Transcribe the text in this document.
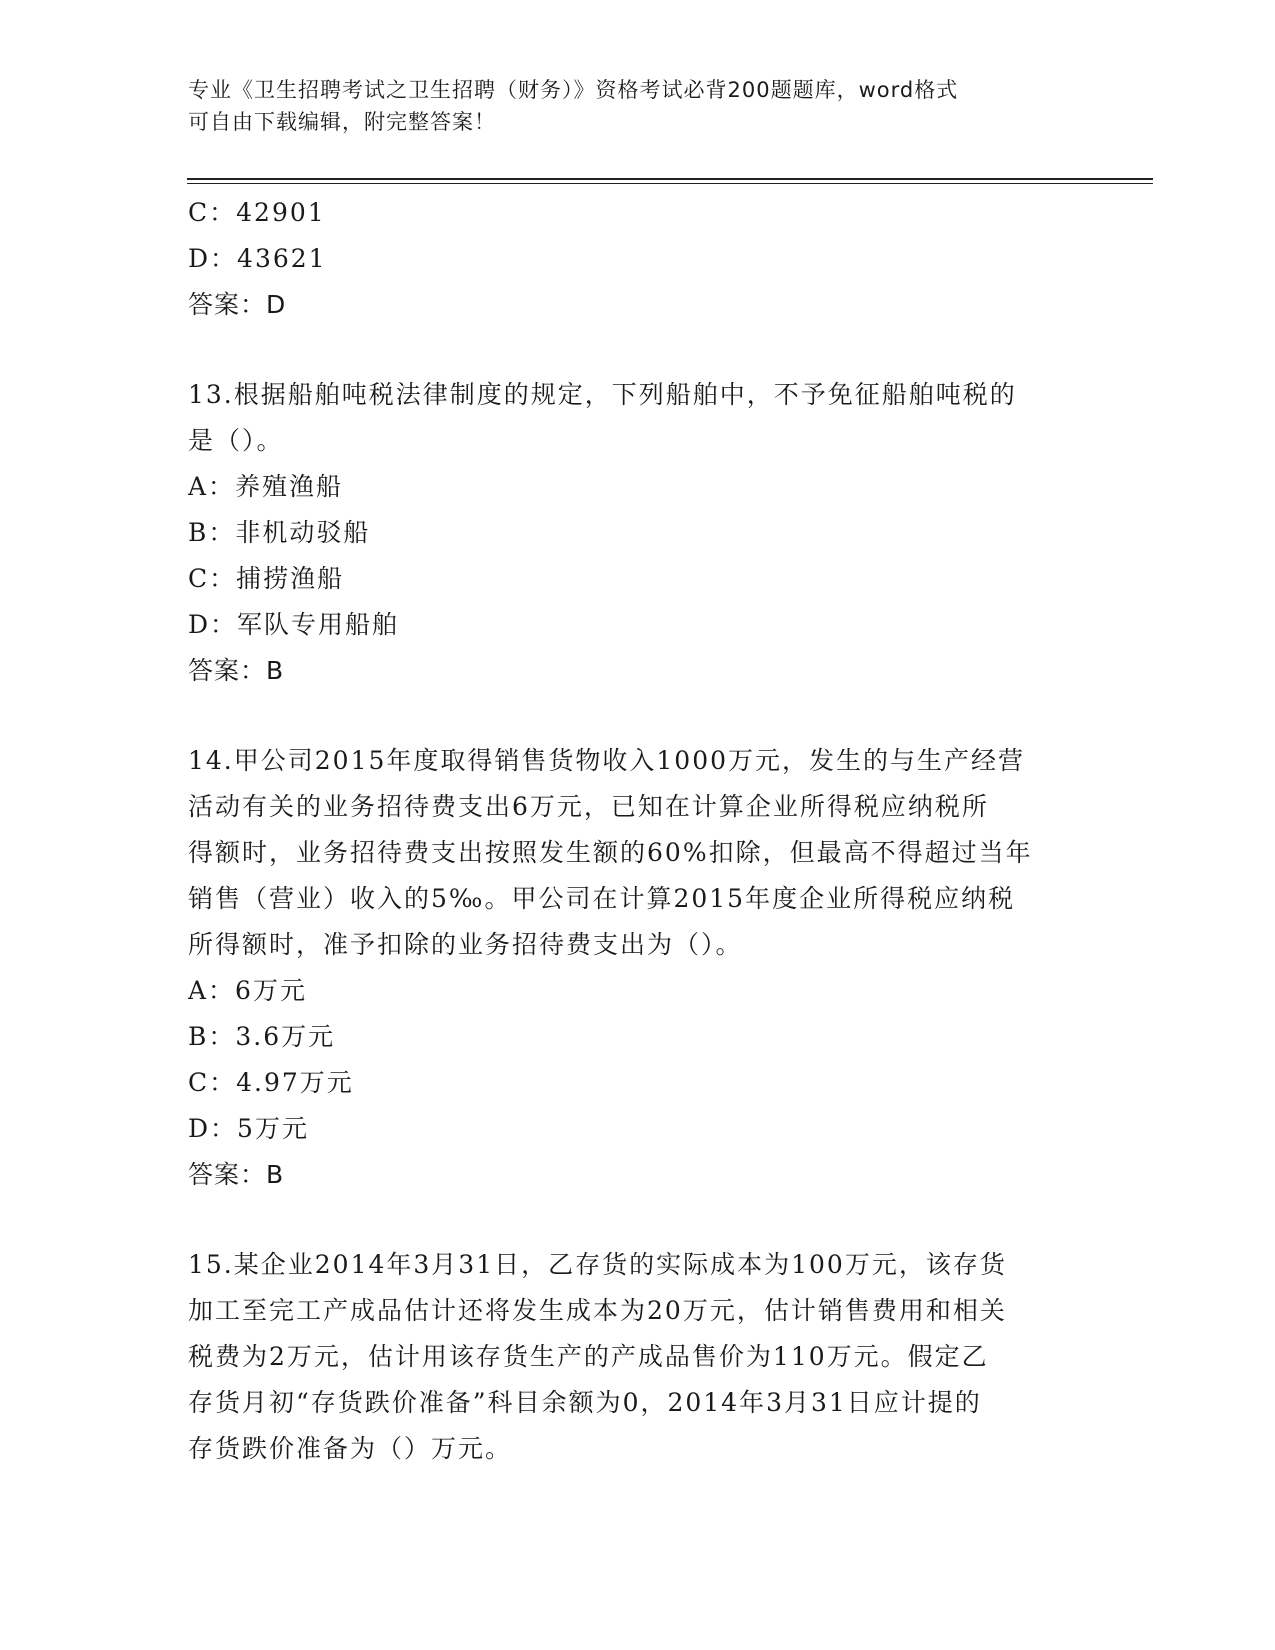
专业《卫生招聘考试之卫生招聘（财务）》资格考试必背200题题库，word格式
可自由下载编辑，附完整答案！
C：42901
D：43621
答案：D
13.根据船舶吨税法律制度的规定，下列船舶中，不予免征船舶吨税的
是（）。
A：养殖渔船
B：非机动驳船
C：捕捞渔船
D：军队专用船舶
答案：B
14.甲公司2015年度取得销售货物收入1000万元，发生的与生产经营
活动有关的业务招待费支出6万元，已知在计算企业所得税应纳税所
得额时，业务招待费支出按照发生额的60%扣除，但最高不得超过当年
销售（营业）收入的5‰。甲公司在计算2015年度企业所得税应纳税
所得额时，准予扣除的业务招待费支出为（）。
A：6万元
B：3.6万元
C：4.97万元
D：5万元
答案：B
15.某企业2014年3月31日，乙存货的实际成本为100万元，该存货
加工至完工产成品估计还将发生成本为20万元，估计销售费用和相关
税费为2万元，估计用该存货生产的产成品售价为110万元。假定乙
存货月初“存货跌价准备”科目余额为0，2014年3月31日应计提的
存货跌价准备为（）万元。
